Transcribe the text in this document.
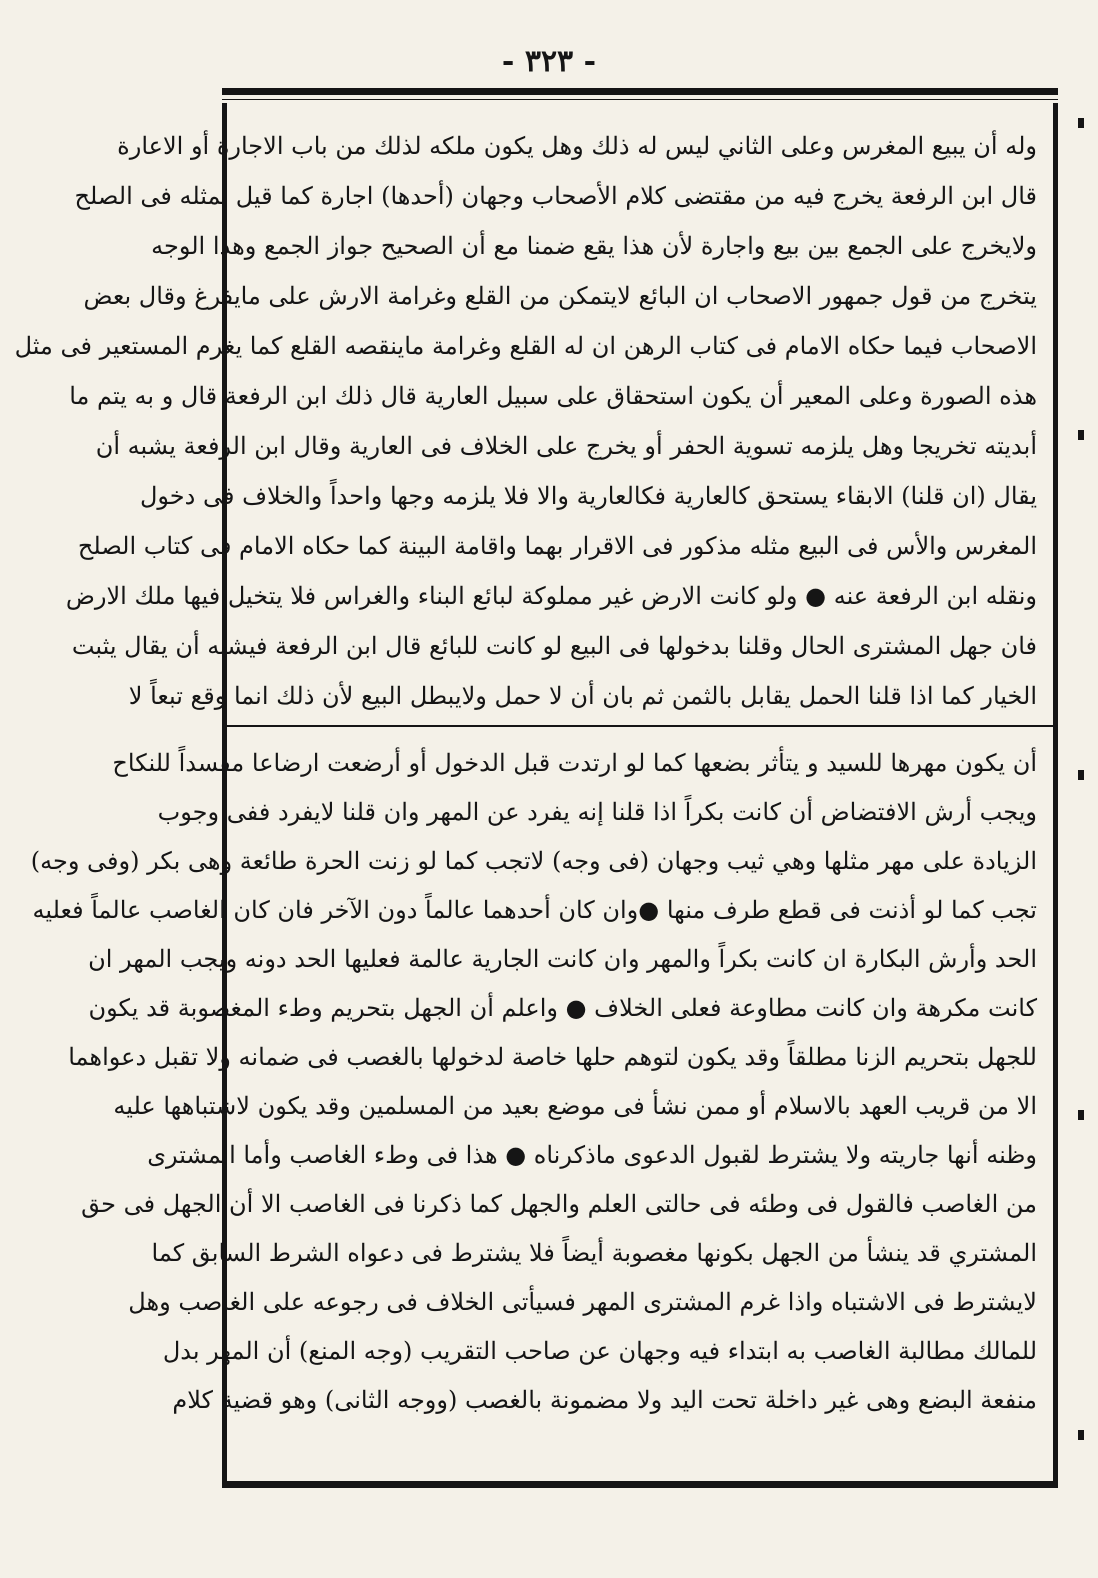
- ٣٢٣ -
وله أن يبيع المغرس وعلى الثاني ليس له ذلك وهل يكون ملكه لذلك من باب الاجارة أو الاعارة
قال ابن الرفعة يخرج فيه من مقتضى كلام الأصحاب وجهان (أحدها) اجارة كما قيل بمثله فى الصلح
ولايخرج على الجمع بين بيع واجارة لأن هذا يقع ضمنا مع أن الصحيح جواز الجمع وهذا الوجه
يتخرج من قول جمهور الاصحاب ان البائع لايتمكن من القلع وغرامة الارش على مايفرغ وقال بعض
الاصحاب فيما حكاه الامام فى كتاب الرهن ان له القلع وغرامة ماينقصه القلع كما يغرم المستعير فى مثل
هذه الصورة وعلى المعير أن يكون استحقاق على سبيل العارية قال ذلك ابن الرفعة قال و به يتم ما
أبديته تخريجا وهل يلزمه تسوية الحفر أو يخرج على الخلاف فى العارية وقال ابن الرفعة يشبه أن
يقال (ان قلنا) الابقاء يستحق كالعارية فكالعارية والا فلا يلزمه وجها واحداً والخلاف فى دخول
المغرس والأس فى البيع مثله مذكور فى الاقرار بهما واقامة البينة كما حكاه الامام فى كتاب الصلح
ونقله ابن الرفعة عنه ● ولو كانت الارض غير مملوكة لبائع البناء والغراس فلا يتخيل فيها ملك الارض
فان جهل المشترى الحال وقلنا بدخولها فى البيع لو كانت للبائع قال ابن الرفعة فيشبه أن يقال يثبت
الخيار كما اذا قلنا الحمل يقابل بالثمن ثم بان أن لا حمل ولايبطل البيع لأن ذلك انما وقع تبعاً لا
أن يكون مهرها للسيد و يتأثر بضعها كما لو ارتدت قبل الدخول أو أرضعت ارضاعا مفسداً للنكاح
ويجب أرش الافتضاض أن كانت بكراً اذا قلنا إنه يفرد عن المهر وان قلنا لايفرد ففى وجوب
الزيادة على مهر مثلها وهي ثيب وجهان (فى وجه) لاتجب كما لو زنت الحرة طائعة وهى بكر (وفى وجه)
تجب كما لو أذنت فى قطع طرف منها ●وان كان أحدهما عالماً دون الآخر فان كان الغاصب عالماً فعليه
الحد وأرش البكارة ان كانت بكراً والمهر وان كانت الجارية عالمة فعليها الحد دونه ويجب المهر ان
كانت مكرهة وان كانت مطاوعة فعلى الخلاف ● واعلم أن الجهل بتحريم وطء المغصوبة قد يكون
للجهل بتحريم الزنا مطلقاً وقد يكون لتوهم حلها خاصة لدخولها بالغصب فى ضمانه ولا تقبل دعواهما
الا من قريب العهد بالاسلام أو ممن نشأ فى موضع بعيد من المسلمين وقد يكون لاشتباهها عليه
وظنه أنها جاريته ولا يشترط لقبول الدعوى ماذكرناه ● هذا فى وطء الغاصب وأما المشترى
من الغاصب فالقول فى وطئه فى حالتى العلم والجهل كما ذكرنا فى الغاصب الا أن الجهل فى حق
المشتري قد ينشأ من الجهل بكونها مغصوبة أيضاً فلا يشترط فى دعواه الشرط السابق كما
لايشترط فى الاشتباه واذا غرم المشترى المهر فسيأتى الخلاف فى رجوعه على الغاصب وهل
للمالك مطالبة الغاصب به ابتداء فيه وجهان عن صاحب التقريب (وجه المنع) أن المهر بدل
منفعة البضع وهى غير داخلة تحت اليد ولا مضمونة بالغصب (ووجه الثانى) وهو قضية كلام
